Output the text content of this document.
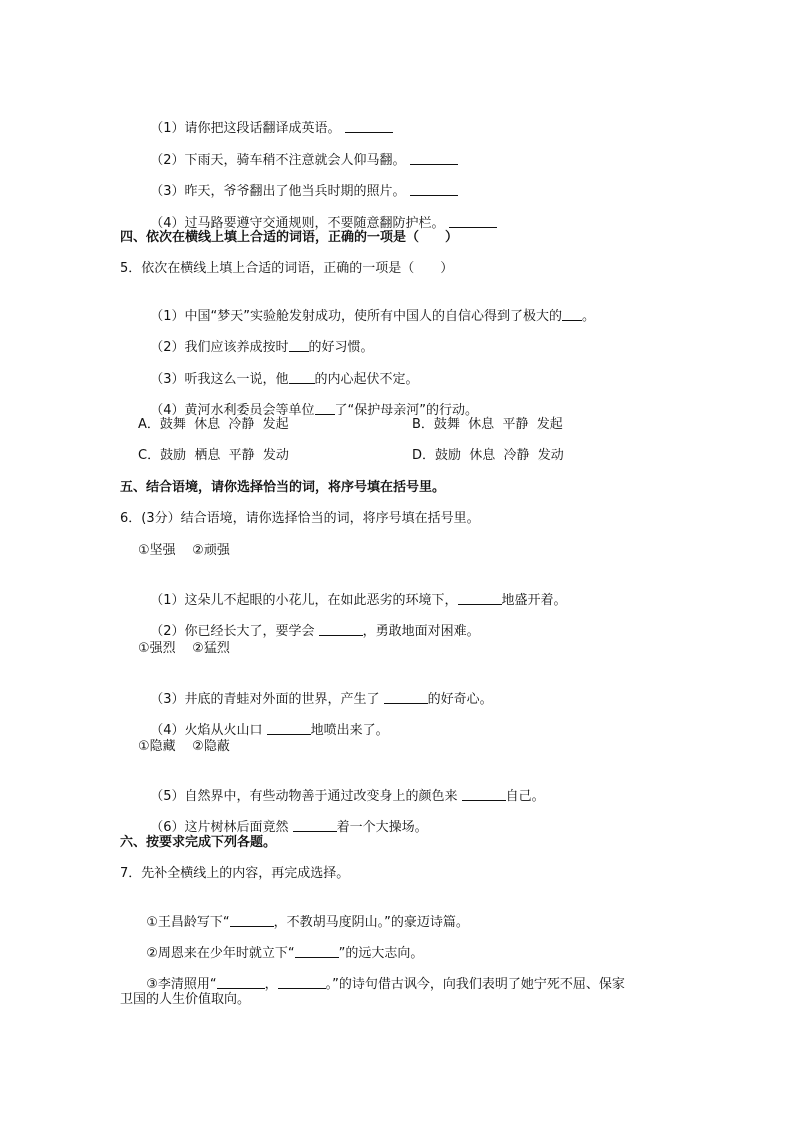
（1）请你把这段话翻译成英语。

（2）下雨天，骑车稍不注意就会人仰马翻。

（3）昨天，爷爷翻出了他当兵时期的照片。

（4）过马路要遵守交通规则，不要随意翻防护栏。

四、依次在横线上填上合适的词语，正确的一项是（　　）
5．依次在横线上填上合适的词语，正确的一项是（　　）

（1）中国“梦天”实验舱发射成功，使所有中国人的自信心得到了极大的 。

（2）我们应该养成按时 的好习惯。

（3）听我这么一说，他 的内心起伏不定。

（4）黄河水利委员会等单位 了“保护母亲河”的行动。

A．鼓舞  休息  冷静  发起	B．鼓舞  休息  平静  发起
C．鼓励  栖息  平静  发动	D．鼓励  休息  冷静  发动
五、结合语境，请你选择恰当的词，将序号填在括号里。
6．(3分）结合语境，请你选择恰当的词，将序号填在括号里。
①坚强    ②顽强

（1）这朵儿不起眼的小花儿，在如此恶劣的环境下，	地盛开着。

（2）你已经长大了，要学会	，勇敢地面对困难。

①强烈    ②猛烈

（3）井底的青蛙对外面的世界，产生了	的好奇心。

（4）火焰从火山口	地喷出来了。

①隐藏    ②隐蔽

（5）自然界中，有些动物善于通过改变身上的颜色来	自己。

（6）这片树林后面竟然	着一个大操场。

六、按要求完成下列各题。
7．先补全横线上的内容，再完成选择。

①王昌龄写下“	，不教胡马度阴山。”的豪迈诗篇。

②周恩来在少年时就立下“	”的远大志向。

③李清照用“	，	。”的诗句借古讽今，向我们表明了她宁死不屈、保家

卫国的人生价值取向。
